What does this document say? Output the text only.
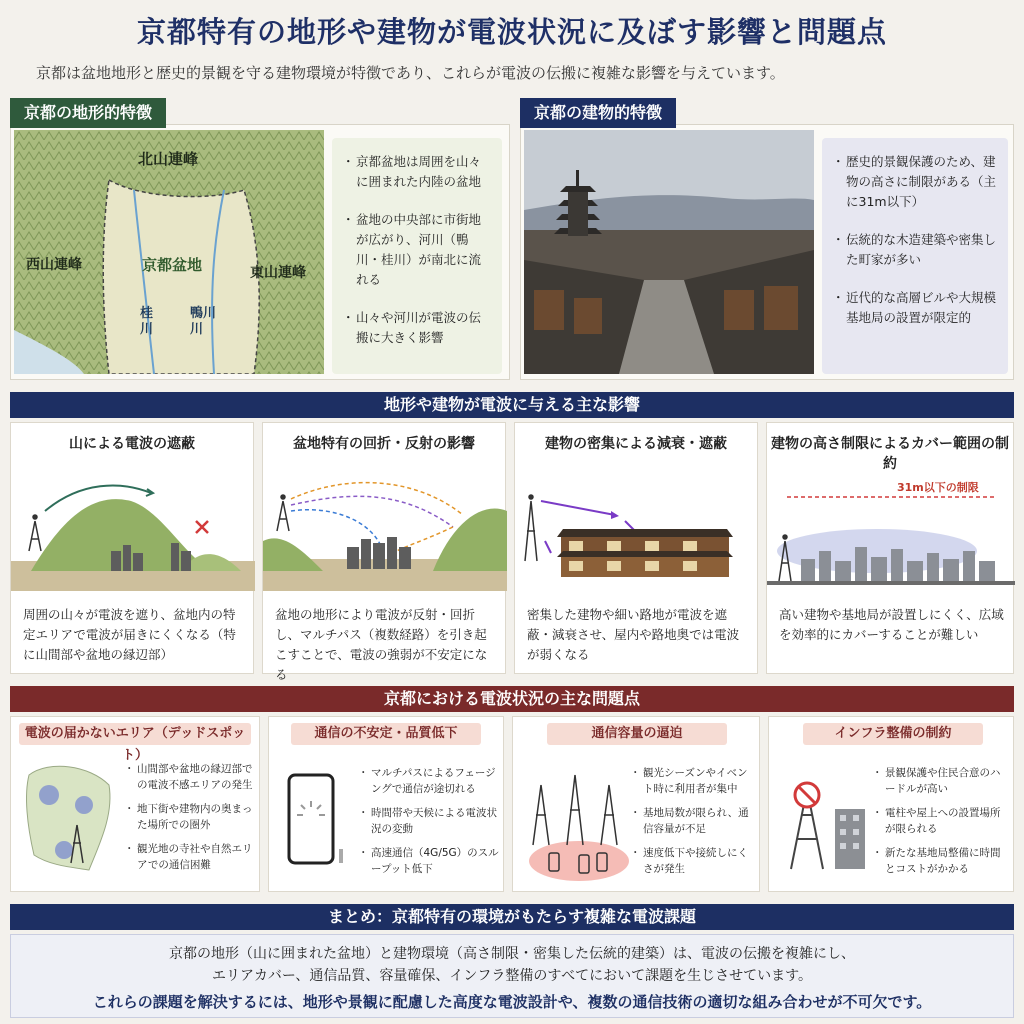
京都特有の地形や建物が電波状況に及ぼす影響と問題点
京都は盆地地形と歴史的景観を守る建物環境が特徴であり、これらが電波の伝搬に複雑な影響を与えています。
京都の地形的特徴
北山連峰
西山連峰	東山連峰
京都盆地
桂
川
鴨川
川
・ 京都盆地は周囲を山々に囲まれた内陸の盆地
・ 盆地の中央部に市街地が広がり、河川（鴨川・桂川）が南北に流れる
・ 山々や河川が電波の伝搬に大きく影響
京都の建物的特徴
・ 歴史的景観保護のため、建物の高さに制限がある（主に31m以下）
・ 伝統的な木造建築や密集した町家が多い
・ 近代的な高層ビルや大規模基地局の設置が限定的
地形や建物が電波に与える主な影響
山による電波の遮蔽
周囲の山々が電波を遮り、盆地内の特定エリアで電波が届きにくくなる（特に山間部や盆地の縁辺部）
盆地特有の回折・反射の影響
盆地の地形により電波が反射・回折し、マルチパス（複数経路）を引き起こすことで、電波の強弱が不安定になる
建物の密集による減衰・遮蔽
密集した建物や細い路地が電波を遮蔽・減衰させ、屋内や路地奥では電波が弱くなる
建物の高さ制限によるカバー範囲の制約
31m以下の制限
高い建物や基地局が設置しにくく、広域を効率的にカバーすることが難しい
京都における電波状況の主な問題点
電波の届かないエリア（デッドスポット）
・ 山間部や盆地の縁辺部での電波不感エリアの発生
・ 地下街や建物内の奥まった場所での圏外
・ 観光地の寺社や自然エリアでの通信困難
通信の不安定・品質低下
・ マルチパスによるフェージングで通信が途切れる
・ 時間帯や天候による電波状況の変動
・ 高速通信（4G/5G）のスループット低下
通信容量の逼迫
・ 観光シーズンやイベント時に利用者が集中
・ 基地局数が限られ、通信容量が不足
・ 速度低下や接続しにくさが発生
インフラ整備の制約
・ 景観保護や住民合意のハードルが高い
・ 電柱や屋上への設置場所が限られる
・ 新たな基地局整備に時間とコストがかかる
まとめ：京都特有の環境がもたらす複雑な電波課題
京都の地形（山に囲まれた盆地）と建物環境（高さ制限・密集した伝統的建築）は、電波の伝搬を複雑にし、
エリアカバー、通信品質、容量確保、インフラ整備のすべてにおいて課題を生じさせています。
これらの課題を解決するには、地形や景観に配慮した高度な電波設計や、複数の通信技術の適切な組み合わせが不可欠です。
